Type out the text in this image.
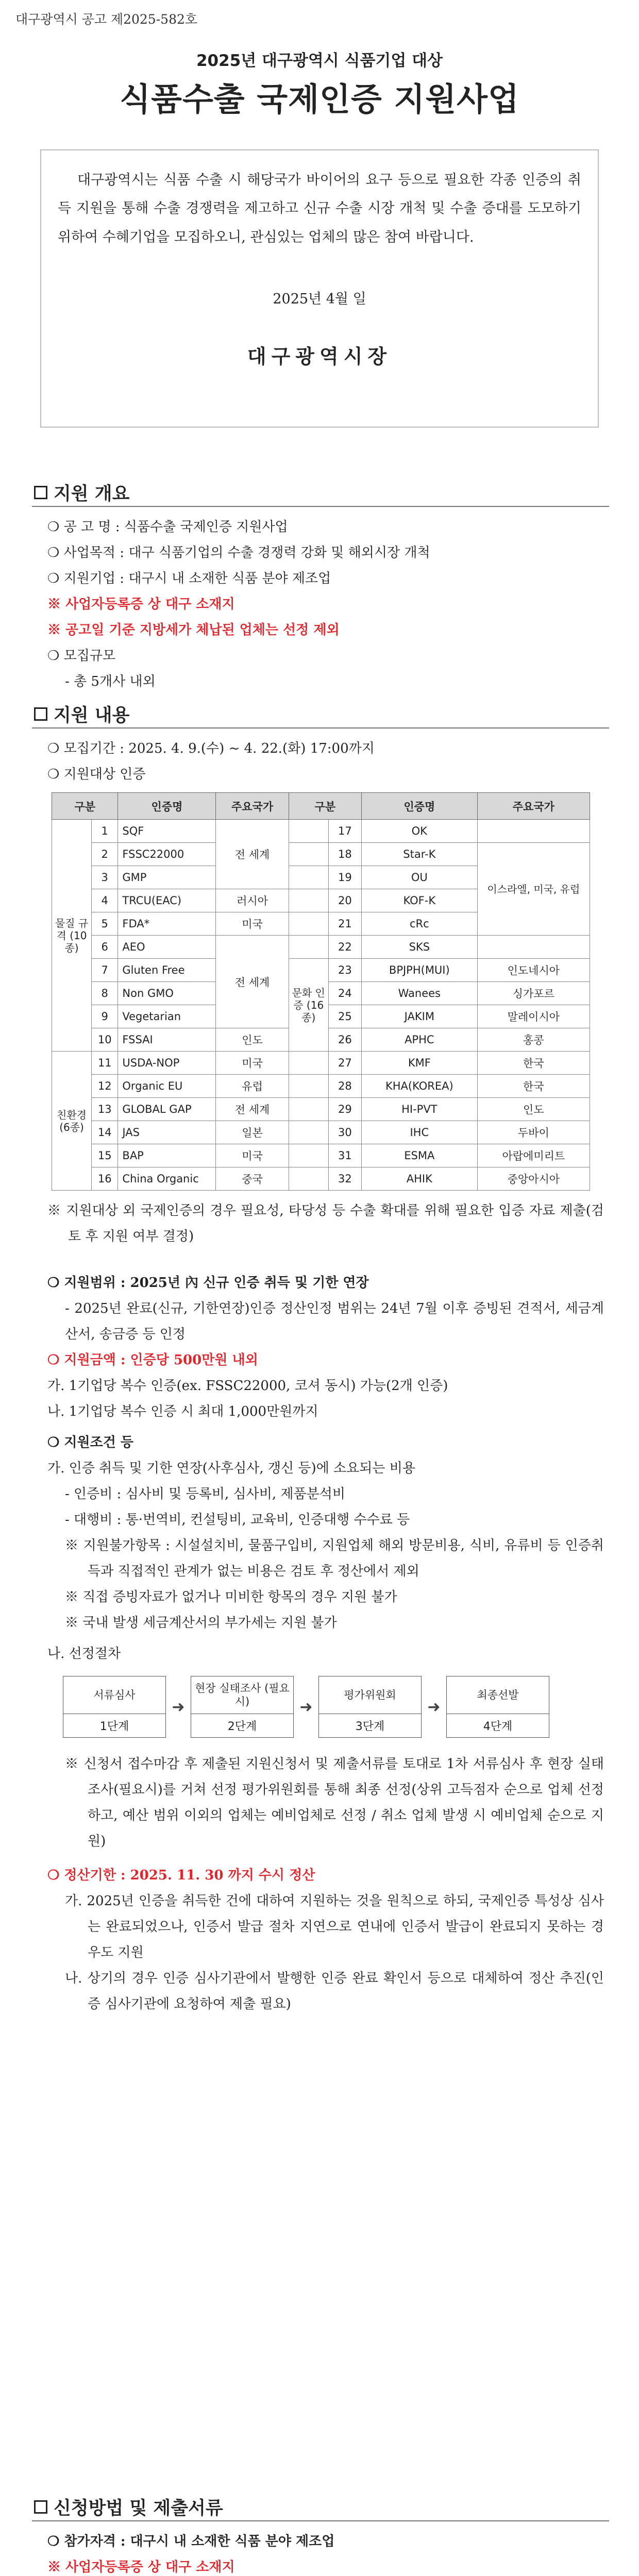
대구광역시 공고 제2025-582호
2025년 대구광역시 식품기업 대상
식품수출 국제인증 지원사업
대구광역시는 식품 수출 시 해당국가 바이어의 요구 등으로 필요한 각종 인증의 취득 지원을 통해 수출 경쟁력을 제고하고 신규 수출 시장 개척 및 수출 증대를 도모하기 위하여 수혜기업을 모집하오니, 관심있는 업체의 많은 참여 바랍니다.
2025년 4월 일
대구광역시장
지원 개요
❍ 공 고 명 : 식품수출 국제인증 지원사업
❍ 사업목적 : 대구 식품기업의 수출 경쟁력 강화 및 해외시장 개척
❍ 지원기업 : 대구시 내 소재한 식품 분야 제조업
※ 사업자등록증 상 대구 소재지
※ 공고일 기준 지방세가 체납된 업체는 선정 제외
❍ 모집규모
- 총 5개사 내외
지원 내용
❍ 모집기간 : 2025. 4. 9.(수) ~ 4. 22.(화) 17:00까지
❍ 지원대상 인증
구분		인증명	주요국가	구분		인증명	주요국가
물질 규격 (10종)	1	SQF	전 세계		17	OK	
	2	FSSC22000			18	Star-K	이스라엘, 미국, 유럽
	3	GMP			19	OU	
	4	TRCU(EAC)	러시아		20	KOF-K	
	5	FDA*	미국		21	cRc	
	6	AEO	전 세계		22	SKS	
	7	Gluten Free		문화 인증 (16종)	23	BPJPH(MUI)	인도네시아
	8	Non GMO			24	Wanees	싱가포르
	9	Vegetarian			25	JAKIM	말레이시아
	10	FSSAI	인도		26	APHC	홍콩
친환경 (6종)	11	USDA-NOP	미국		27	KMF	한국
	12	Organic EU	유럽		28	KHA(KOREA)	한국
	13	GLOBAL GAP	전 세계		29	HI-PVT	인도
	14	JAS	일본		30	IHC	두바이
	15	BAP	미국		31	ESMA	아랍에미리트
	16	China Organic	중국		32	AHIK	중앙아시아
※ 지원대상 외 국제인증의 경우 필요성, 타당성 등 수출 확대를 위해 필요한 입증 자료 제출(검토 후 지원 여부 결정)
❍ 지원범위 : 2025년 內 신규 인증 취득 및 기한 연장
- 2025년 완료(신규, 기한연장)인증 정산인정 범위는 24년 7월 이후 증빙된 견적서, 세금계산서, 송금증 등 인정
❍ 지원금액 : 인증당 500만원 내외
가. 1기업당 복수 인증(ex. FSSC22000, 코셔 동시) 가능(2개 인증)
나. 1기업당 복수 인증 시 최대 1,000만원까지
❍ 지원조건 등
가. 인증 취득 및 기한 연장(사후심사, 갱신 등)에 소요되는 비용
- 인증비 : 심사비 및 등록비, 심사비, 제품분석비
- 대행비 : 통·번역비, 컨설팅비, 교육비, 인증대행 수수료 등
※ 지원불가항목 : 시설설치비, 물품구입비, 지원업체 해외 방문비용, 식비, 유류비 등 인증취득과 직접적인 관계가 없는 비용은 검토 후 정산에서 제외
※ 직접 증빙자료가 없거나 미비한 항목의 경우 지원 불가
※ 국내 발생 세금계산서의 부가세는 지원 불가
나. 선정절차
서류심사
1단계
➜
현장 실태조사 (필요시)
2단계
➜
평가위원회
3단계
➜
최종선발
4단계
※ 신청서 접수마감 후 제출된 지원신청서 및 제출서류를 토대로 1차 서류심사 후 현장 실태조사(필요시)를 거쳐 선정 평가위원회를 통해 최종 선정(상위 고득점자 순으로 업체 선정하고, 예산 범위 이외의 업체는 예비업체로 선정 / 취소 업체 발생 시 예비업체 순으로 지원)
❍ 정산기한 : 2025. 11. 30 까지 수시 정산
가. 2025년 인증을 취득한 건에 대하여 지원하는 것을 원칙으로 하되, 국제인증 특성상 심사는 완료되었으나, 인증서 발급 절차 지연으로 연내에 인증서 발급이 완료되지 못하는 경우도 지원
나. 상기의 경우 인증 심사기관에서 발행한 인증 완료 확인서 등으로 대체하여 정산 추진(인증 심사기관에 요청하여 제출 필요)
신청방법 및 제출서류
❍ 참가자격 : 대구시 내 소재한 식품 분야 제조업
※ 사업자등록증 상 대구 소재지
